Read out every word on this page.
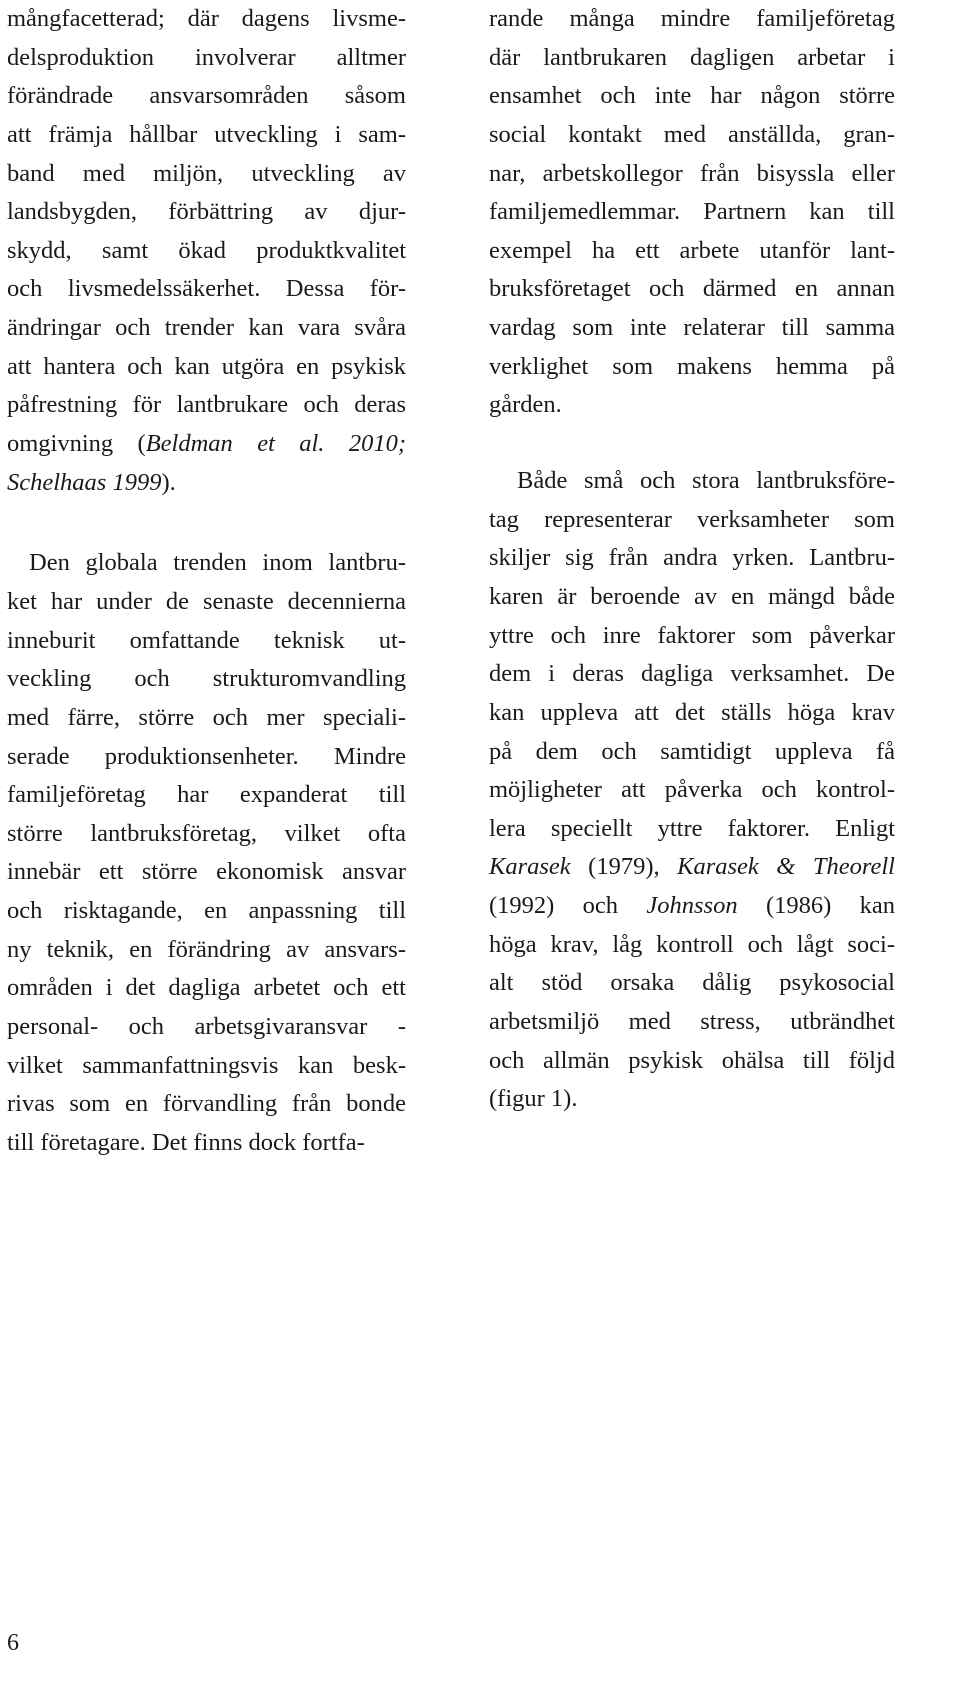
mångfacetterad; där dagens livsme-
delsproduktion involverar alltmer
förändrade ansvarsområden såsom
att främja hållbar utveckling i sam-
band med miljön, utveckling av
landsbygden, förbättring av djur-
skydd, samt ökad produktkvalitet
och livsmedelssäkerhet. Dessa för-
ändringar och trender kan vara svåra
att hantera och kan utgöra en psykisk
påfrestning för lantbrukare och deras
omgivning (Beldman et al. 2010;
Schelhaas 1999).
Den globala trenden inom lantbru-
ket har under de senaste decennierna
inneburit omfattande teknisk ut-
veckling och strukturomvandling
med färre, större och mer speciali-
serade produktionsenheter. Mindre
familjeföretag har expanderat till
större lantbruksföretag, vilket ofta
innebär ett större ekonomisk ansvar
och risktagande, en anpassning till
ny teknik, en förändring av ansvars-
områden i det dagliga arbetet och ett
personal- och arbetsgivaransvar -
vilket sammanfattningsvis kan besk-
rivas som en förvandling från bonde
till företagare. Det finns dock fortfa-
rande många mindre familjeföretag
där lantbrukaren dagligen arbetar i
ensamhet och inte har någon större
social kontakt med anställda, gran-
nar, arbetskollegor från bisyssla eller
familjemedlemmar. Partnern kan till
exempel ha ett arbete utanför lant-
bruksföretaget och därmed en annan
vardag som inte relaterar till samma
verklighet som makens hemma på
gården.
Både små och stora lantbruksföre-
tag representerar verksamheter som
skiljer sig från andra yrken. Lantbru-
karen är beroende av en mängd både
yttre och inre faktorer som påverkar
dem i deras dagliga verksamhet. De
kan uppleva att det ställs höga krav
på dem och samtidigt uppleva få
möjligheter att påverka och kontrol-
lera speciellt yttre faktorer. Enligt
Karasek (1979), Karasek & Theorell
(1992) och Johnsson (1986) kan
höga krav, låg kontroll och lågt soci-
alt stöd orsaka dålig psykosocial
arbetsmiljö med stress, utbrändhet
och allmän psykisk ohälsa till följd
(figur 1).
6
